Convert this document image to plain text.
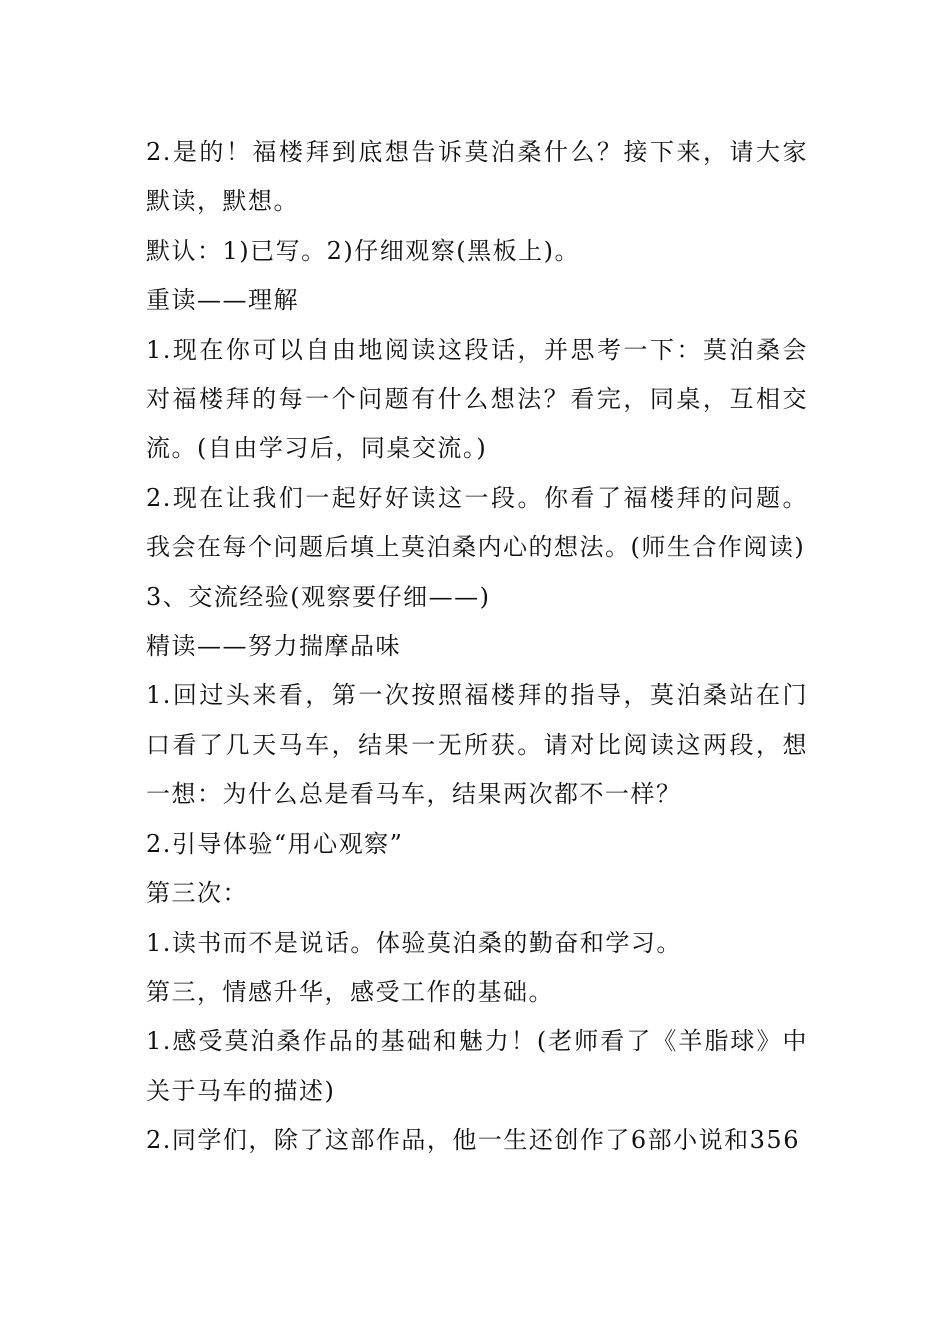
2.是的！福楼拜到底想告诉莫泊桑什么？接下来，请大家默读，默想。

默认：1)已写。2)仔细观察(黑板上)。

重读——理解

1.现在你可以自由地阅读这段话，并思考一下：莫泊桑会对福楼拜的每一个问题有什么想法？看完，同桌，互相交流。(自由学习后，同桌交流。)

2.现在让我们一起好好读这一段。你看了福楼拜的问题。我会在每个问题后填上莫泊桑内心的想法。(师生合作阅读)

3、交流经验(观察要仔细——)

精读——努力揣摩品味

1.回过头来看，第一次按照福楼拜的指导，莫泊桑站在门口看了几天马车，结果一无所获。请对比阅读这两段，想一想：为什么总是看马车，结果两次都不一样？

2.引导体验“用心观察”

第三次：

1.读书而不是说话。体验莫泊桑的勤奋和学习。

第三，情感升华，感受工作的基础。

1.感受莫泊桑作品的基础和魅力！(老师看了《羊脂球》中关于马车的描述)

2.同学们，除了这部作品，他一生还创作了6部小说和356
